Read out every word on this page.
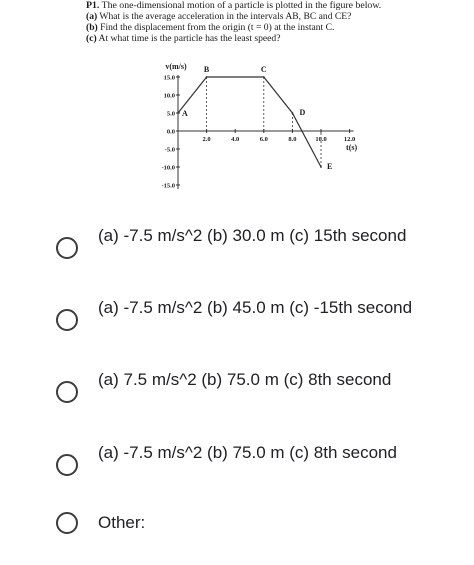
P1. The one-dimensional motion of a particle is plotted in the figure below.

(a) What is the average acceleration in the intervals AB, BC and CE?

(b) Find the displacement from the origin (t = 0) at the instant C.

(c) At what time is the particle has the least speed?

15.0
10.0
5.0
0.0
-5.0
-10.0
-15.0
2.0	4.0	6.0	8.0	10.0	12.0
v(m/s)
t(s)
A
B	C
D
E
(a) -7.5 m/s^2 (b) 30.0 m (c) 15th second
(a) -7.5 m/s^2 (b) 45.0 m (c) -15th second
(a) 7.5 m/s^2 (b) 75.0 m (c) 8th second
(a) -7.5 m/s^2 (b) 75.0 m (c) 8th second
Other:
